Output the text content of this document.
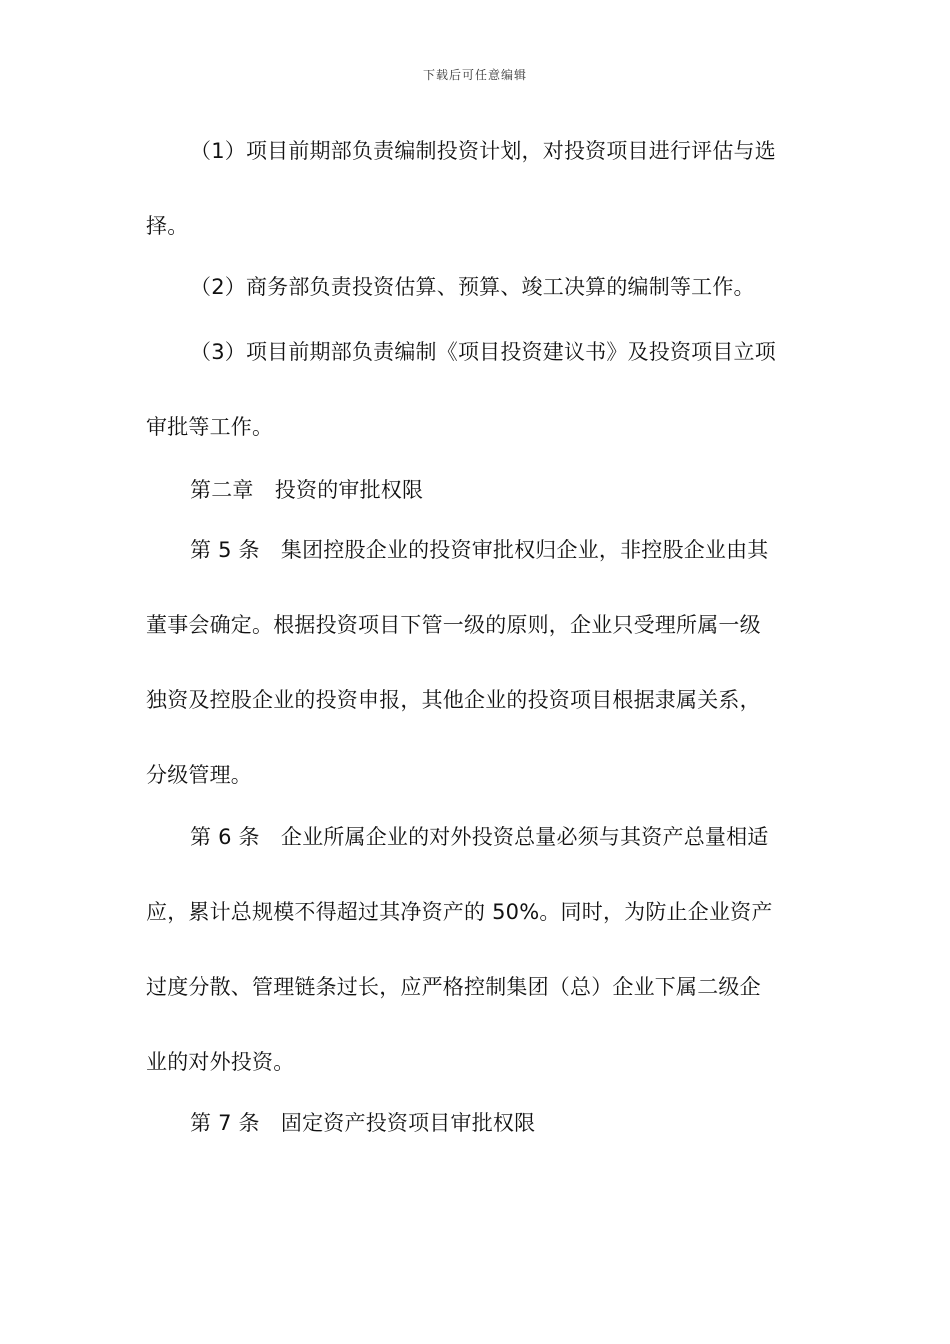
下载后可任意编辑
（1）项目前期部负责编制投资计划，对投资项目进行评估与选
择。
（2）商务部负责投资估算、预算、竣工决算的编制等工作。
（3）项目前期部负责编制《项目投资建议书》及投资项目立项
审批等工作。
第二章　投资的审批权限
第 5 条　集团控股企业的投资审批权归企业，非控股企业由其
董事会确定。根据投资项目下管一级的原则，企业只受理所属一级
独资及控股企业的投资申报，其他企业的投资项目根据隶属关系，
分级管理。
第 6 条　企业所属企业的对外投资总量必须与其资产总量相适
应，累计总规模不得超过其净资产的 50%。同时，为防止企业资产
过度分散、管理链条过长，应严格控制集团（总）企业下属二级企
业的对外投资。
第 7 条　固定资产投资项目审批权限
